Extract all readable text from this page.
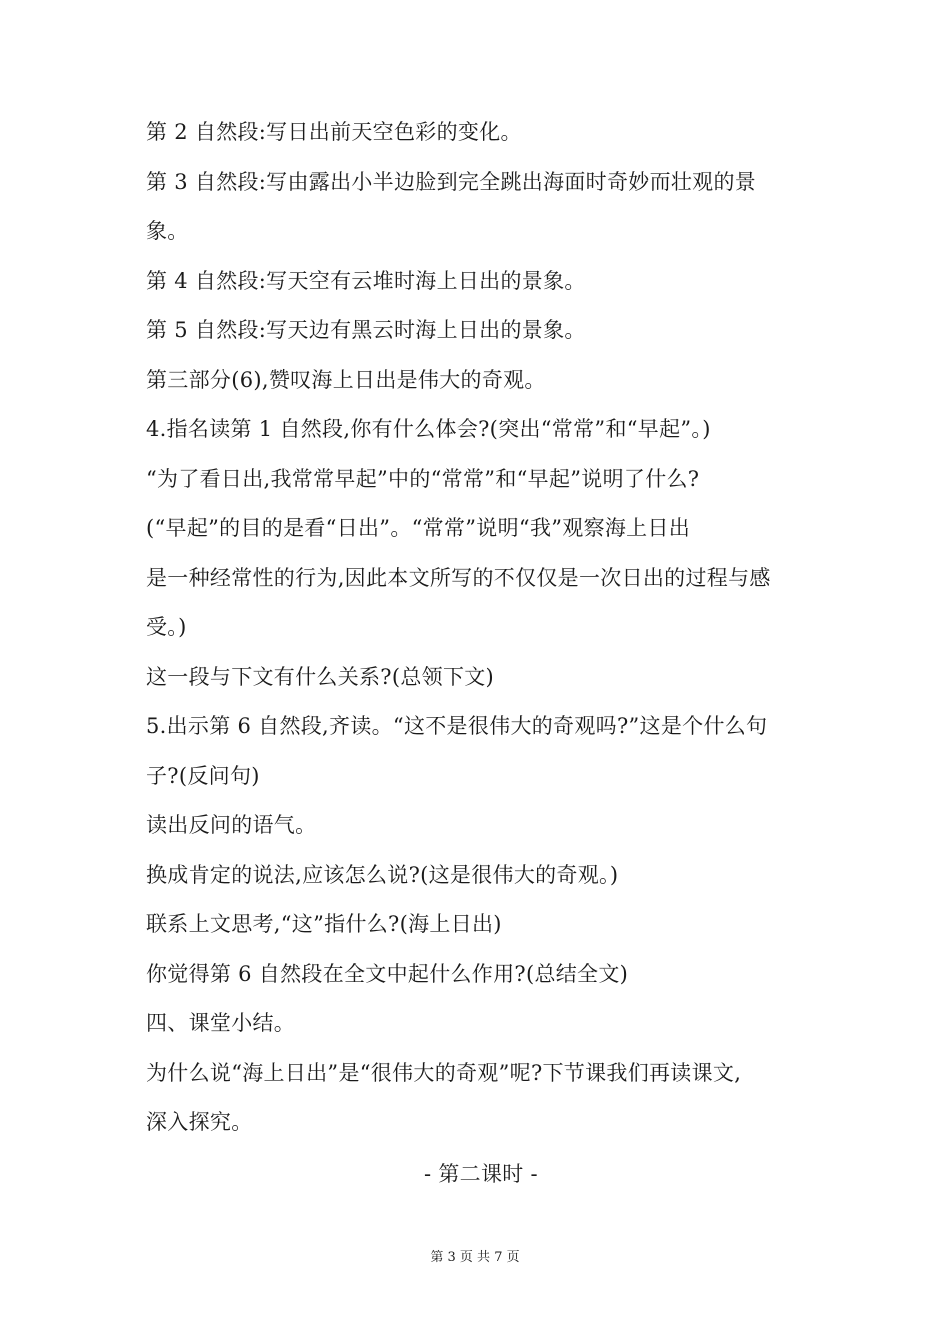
第 2 自然段:写日出前天空色彩的变化。
第 3 自然段:写由露出小半边脸到完全跳出海面时奇妙而壮观的景
象。
第 4 自然段:写天空有云堆时海上日出的景象。
第 5 自然段:写天边有黑云时海上日出的景象。
第三部分(6),赞叹海上日出是伟大的奇观。
4.指名读第 1 自然段,你有什么体会?(突出“常常”和“早起”。)
“为了看日出,我常常早起”中的“常常”和“早起”说明了什么?
(“早起”的目的是看“日出”。“常常”说明“我”观察海上日出
是一种经常性的行为,因此本文所写的不仅仅是一次日出的过程与感
受。)
这一段与下文有什么关系?(总领下文)
5.出示第 6 自然段,齐读。“这不是很伟大的奇观吗?”这是个什么句
子?(反问句)
读出反问的语气。
换成肯定的说法,应该怎么说?(这是很伟大的奇观。)
联系上文思考,“这”指什么?(海上日出)
你觉得第 6 自然段在全文中起什么作用?(总结全文)
四、课堂小结。
为什么说“海上日出”是“很伟大的奇观”呢?下节课我们再读课文,
深入探究。
- 第二课时 -
第 3 页 共 7 页
